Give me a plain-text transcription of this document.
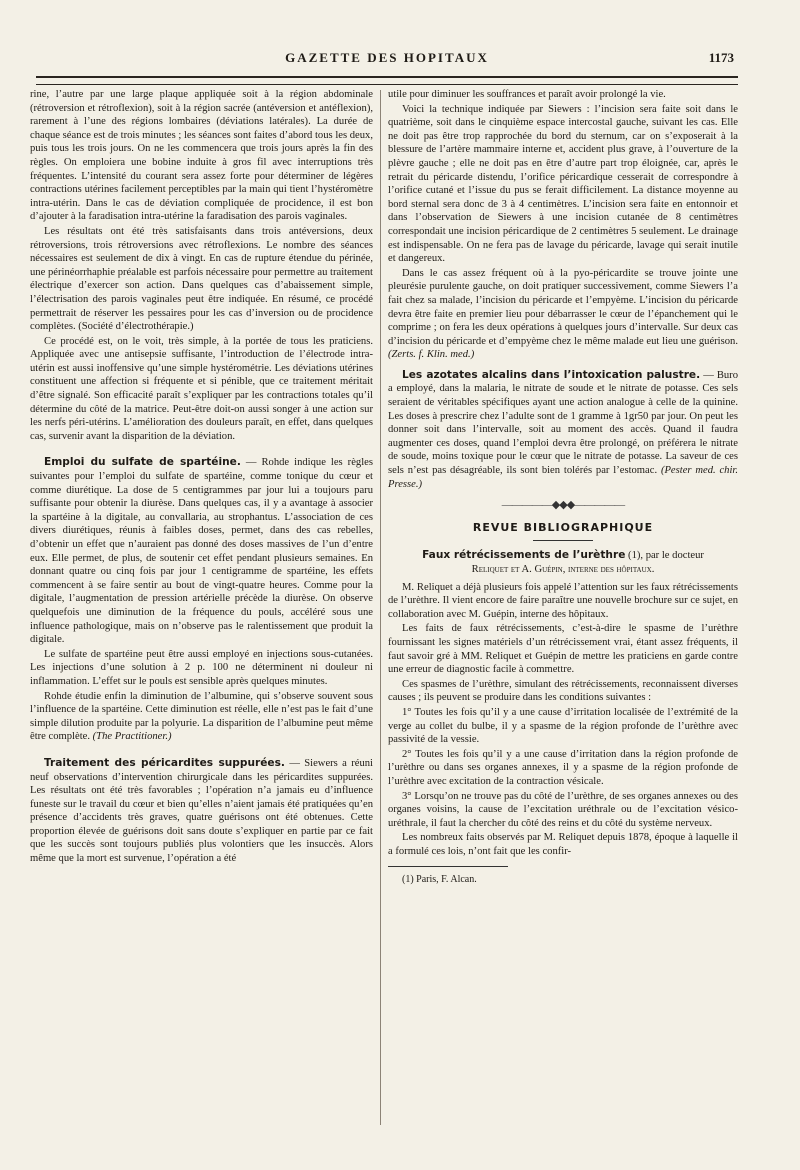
GAZETTE DES HOPITAUX	1173

rine, l’autre par une large plaque appliquée soit à la région abdominale (rétroversion et rétroflexion), soit à la région sacrée (antéversion et antéflexion), rarement à l’une des régions lombaires (déviations latérales). La durée de chaque séance est de trois minutes ; les séances sont faites d’abord tous les deux, puis tous les trois jours. On ne les commencera que trois jours après la fin des règles. On emploiera une bobine induite à gros fil avec interruptions très fréquentes. L’intensité du courant sera assez forte pour déterminer de légères contractions utérines facilement perceptibles par la main qui tient l’hystéromètre intra-utérin. Dans le cas de déviation compliquée de procidence, il est bon d’ajouter à la faradisation intra-utérine la faradisation des parois vaginales.

Les résultats ont été très satisfaisants dans trois antéversions, deux rétroversions, trois rétroversions avec rétroflexions. Le nombre des séances nécessaires est seulement de dix à vingt. En cas de rupture étendue du périnée, une périnéorrhaphie préalable est parfois nécessaire pour permettre au traitement électrique d’exercer son action. Dans quelques cas d’abaissement simple, l’électrisation des parois vaginales peut être indiquée. En résumé, ce procédé permettrait de réserver les pessaires pour les cas d’inversion ou de procidence complètes. (Société d’électrothérapie.)

Ce procédé est, on le voit, très simple, à la portée de tous les praticiens. Appliquée avec une antisepsie suffisante, l’introduction de l’électrode intra-utérin est aussi inoffensive qu’une simple hystérométrie. Les déviations utérines constituent une affection si fréquente et si pénible, que ce traitement méritait d’être signalé. Son efficacité paraît s’expliquer par les contractions totales qu’il détermine du côté de la matrice. Peut-être doit-on aussi songer à une action sur les nerfs péri-utérins. L’amélioration des douleurs paraît, en effet, dans quelques cas, survenir avant la disparition de la déviation.

Emploi du sulfate de spartéine. — Rohde indique les règles suivantes pour l’emploi du sulfate de spartéine, comme tonique du cœur et comme diurétique. La dose de 5 centigrammes par jour lui a toujours paru suffisante pour obtenir la diurèse. Dans quelques cas, il y a avantage à associer la spartéine à la digitale, au convallaria, au strophantus. L’association de ces divers diurétiques, réunis à faibles doses, permet, dans des cas rebelles, d’obtenir un effet que n’auraient pas donné des doses massives de l’un d’entre eux. Elle permet, de plus, de soutenir cet effet pendant plusieurs semaines. En donnant quatre ou cinq fois par jour 1 centigramme de spartéine, les effets commencent à se faire sentir au bout de vingt-quatre heures. Comme pour la digitale, l’augmentation de pression artérielle précède la diurèse. On observe quelquefois une diminution de la fréquence du pouls, accéléré sous une influence pathologique, mais on n’observe pas le ralentissement que produit la digitale.

Le sulfate de spartéine peut être aussi employé en injections sous-cutanées. Les injections d’une solution à 2 p. 100 ne déterminent ni douleur ni inflammation. L’effet sur le pouls est sensible après quelques minutes.

Rohde étudie enfin la diminution de l’albumine, qui s’observe souvent sous l’influence de la spartéine. Cette diminution est réelle, elle n’est pas le fait d’une simple dilution produite par la polyurie. La disparition de l’albumine peut même être complète. (The Practitioner.)

Traitement des péricardites suppurées. — Siewers a réuni neuf observations d’intervention chirurgicale dans les péricardites suppurées. Les résultats ont été très favorables ; l’opération n’a jamais eu d’influence funeste sur le travail du cœur et bien qu’elles n’aient jamais été pratiquées qu’en présence d’accidents très graves, quatre guérisons ont été obtenues. Cette proportion élevée de guérisons doit sans doute s’expliquer en partie par ce fait que les succès sont toujours publiés plus volontiers que les insuccès. Alors même que la mort est survenue, l’opération a été

utile pour diminuer les souffrances et paraît avoir prolongé la vie.

Voici la technique indiquée par Siewers : l’incision sera faite soit dans le quatrième, soit dans le cinquième espace intercostal gauche, suivant les cas. Elle ne doit pas être trop rapprochée du bord du sternum, car on s’exposerait à la blessure de l’artère mammaire interne et, accident plus grave, à l’ouverture de la plèvre gauche ; elle ne doit pas en être d’autre part trop éloignée, car, après le retrait du péricarde distendu, l’orifice péricardique cesserait de correspondre à l’orifice cutané et l’issue du pus se ferait difficilement. La distance moyenne au bord sternal sera donc de 3 à 4 centimètres. L’incision sera faite en entonnoir et dans l’observation de Siewers à une incision cutanée de 8 centimètres correspondait une incision péricardique de 2 centimètres 5 seulement. Le drainage est indispensable. On ne fera pas de lavage du péricarde, lavage qui serait inutile et dangereux.

Dans le cas assez fréquent où à la pyo-péricardite se trouve jointe une pleurésie purulente gauche, on doit pratiquer successivement, comme Siewers l’a fait chez sa malade, l’incision du péricarde et l’empyème. L’incision du péricarde devra être faite en premier lieu pour débarrasser le cœur de l’épanchement qui le comprime ; on fera les deux opérations à quelques jours d’intervalle. Sur deux cas d’incision du péricarde et d’empyème chez le même malade eut lieu une guérison. (Zerts. f. Klin. med.)

Les azotates alcalins dans l’intoxication palustre. — Buro a employé, dans la malaria, le nitrate de soude et le nitrate de potasse. Ces sels seraient de véritables spécifiques ayant une action analogue à celle de la quinine. Les doses à prescrire chez l’adulte sont de 1 gramme à 1gr50 par jour. On peut les donner soit dans l’intervalle, soit au moment des accès. Quand il faudra augmenter ces doses, quand l’emploi devra être prolongé, on préférera le nitrate de soude, moins toxique pour le cœur que le nitrate de potasse. La saveur de ces sels n’est pas désagréable, ils sont bien tolérés par l’estomac. (Pester med. chir. Presse.)

—————◆◆◆—————
REVUE BIBLIOGRAPHIQUE
Faux rétrécissements de l’urèthre (1), par le docteur
Reliquet et A. Guépin, interne des hôpitaux.

M. Reliquet a déjà plusieurs fois appelé l’attention sur les faux rétrécissements de l’urèthre. Il vient encore de faire paraître une nouvelle brochure sur ce sujet, en collaboration avec M. Guépin, interne des hôpitaux.

Les faits de faux rétrécissements, c’est-à-dire le spasme de l’urèthre fournissant les signes matériels d’un rétrécissement vrai, étant assez fréquents, il faut savoir gré à MM. Reliquet et Guépin de mettre les praticiens en garde contre une erreur de diagnostic facile à commettre.

Ces spasmes de l’urèthre, simulant des rétrécissements, reconnaissent diverses causes ; ils peuvent se produire dans les conditions suivantes :

1° Toutes les fois qu’il y a une cause d’irritation localisée de l’extrémité de la verge au collet du bulbe, il y a spasme de la région profonde de l’urèthre avec passivité de la vessie.

2° Toutes les fois qu’il y a une cause d’irritation dans la région profonde de l’urèthre ou dans ses organes annexes, il y a spasme de la région profonde de l’urèthre avec excitation de la contraction vésicale.

3° Lorsqu’on ne trouve pas du côté de l’urèthre, de ses organes annexes ou des organes voisins, la cause de l’excitation uréthrale ou de l’excitation vésico-uréthrale, il faut la chercher du côté des reins et du côté du système nerveux.

Les nombreux faits observés par M. Reliquet depuis 1878, époque à laquelle il a formulé ces lois, n’ont fait que les confir-

(1) Paris, F. Alcan.
